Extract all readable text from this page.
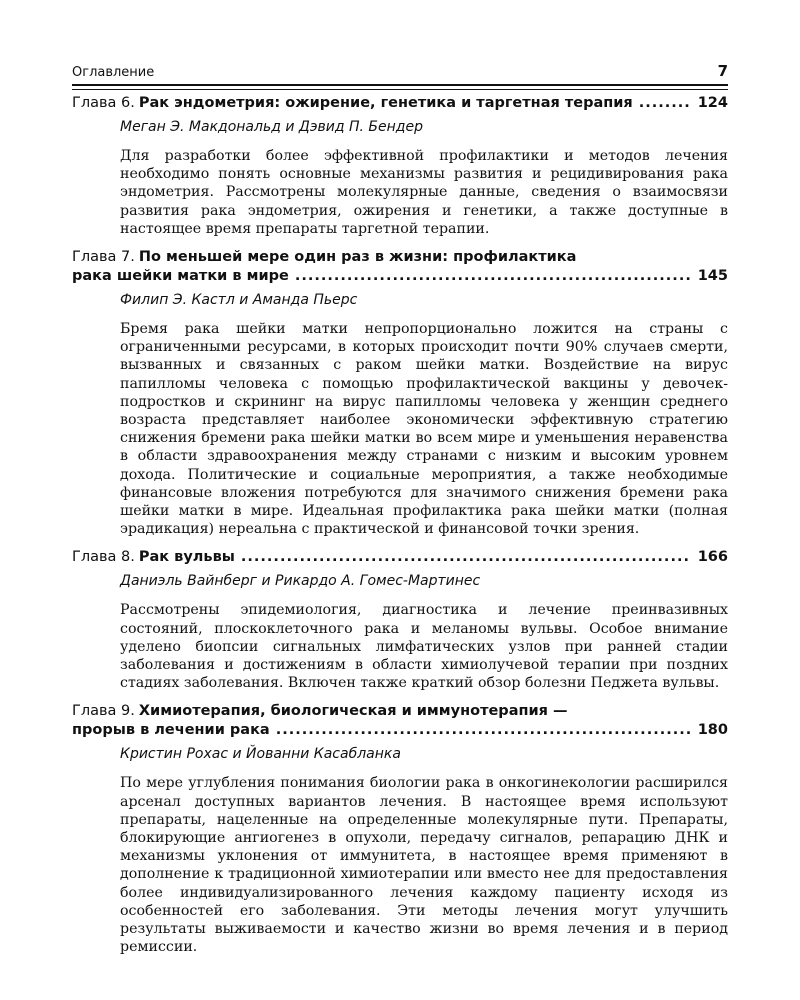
Оглавление	7
Глава 6. Рак эндометрия: ожирение, генетика и таргетная терапия .....	124
Меган Э. Макдональд и Дэвид П. Бендер
Для разработки более эффективной профилактики и методов лечения необходимо понять основные механизмы развития и рецидивирования рака эндометрия. Рассмотрены молекулярные данные, сведения о взаимосвязи развития рака эндометрия, ожирения и генетики, а также доступные в настоящее время препараты таргетной терапии.
Глава 7. По меньшей мере один раз в жизни: профилактика
рака шейки матки в мире .....	145
Филип Э. Кастл и Аманда Пьерс
Бремя рака шейки матки непропорционально ложится на страны с ограниченными ресурсами, в которых происходит почти 90% случаев смерти, вызванных и связанных с раком шейки матки. Воздействие на вирус папилломы человека с помощью профилактической вакцины у девочек-подростков и скрининг на вирус папилломы человека у женщин среднего возраста представляет наиболее экономически эффективную стратегию снижения бремени рака шейки матки во всем мире и уменьшения неравенства в области здравоохранения между странами с низким и высоким уровнем дохода. Политические и социальные мероприятия, а также необходимые финансовые вложения потребуются для значимого снижения бремени рака шейки матки в мире. Идеальная профилактика рака шейки матки (полная эрадикация) нереальна с практической и финансовой точки зрения.
Глава 8. Рак вульвы .....	166
Даниэль Вайнберг и Рикардо А. Гомес-Мартинес
Рассмотрены эпидемиология, диагностика и лечение преинвазивных состояний, плоскоклеточного рака и меланомы вульвы. Особое внимание уделено биопсии сигнальных лимфатических узлов при ранней стадии заболевания и достижениям в области химиолучевой терапии при поздних стадиях заболевания. Включен также краткий обзор болезни Педжета вульвы.
Глава 9. Химиотерапия, биологическая и иммунотерапия —
прорыв в лечении рака .....	180
Кристин Рохас и Йованни Касабланка
По мере углубления понимания биологии рака в онкогинекологии расширился арсенал доступных вариантов лечения. В настоящее время используют препараты, нацеленные на определенные молекулярные пути. Препараты, блокирующие ангиогенез в опухоли, передачу сигналов, репарацию ДНК и механизмы уклонения от иммунитета, в настоящее время применяют в дополнение к традиционной химиотерапии или вместо нее для предоставления более индивидуализированного лечения каждому пациенту исходя из особенностей его заболевания. Эти методы лечения могут улучшить результаты выживаемости и качество жизни во время лечения и в период ремиссии.
